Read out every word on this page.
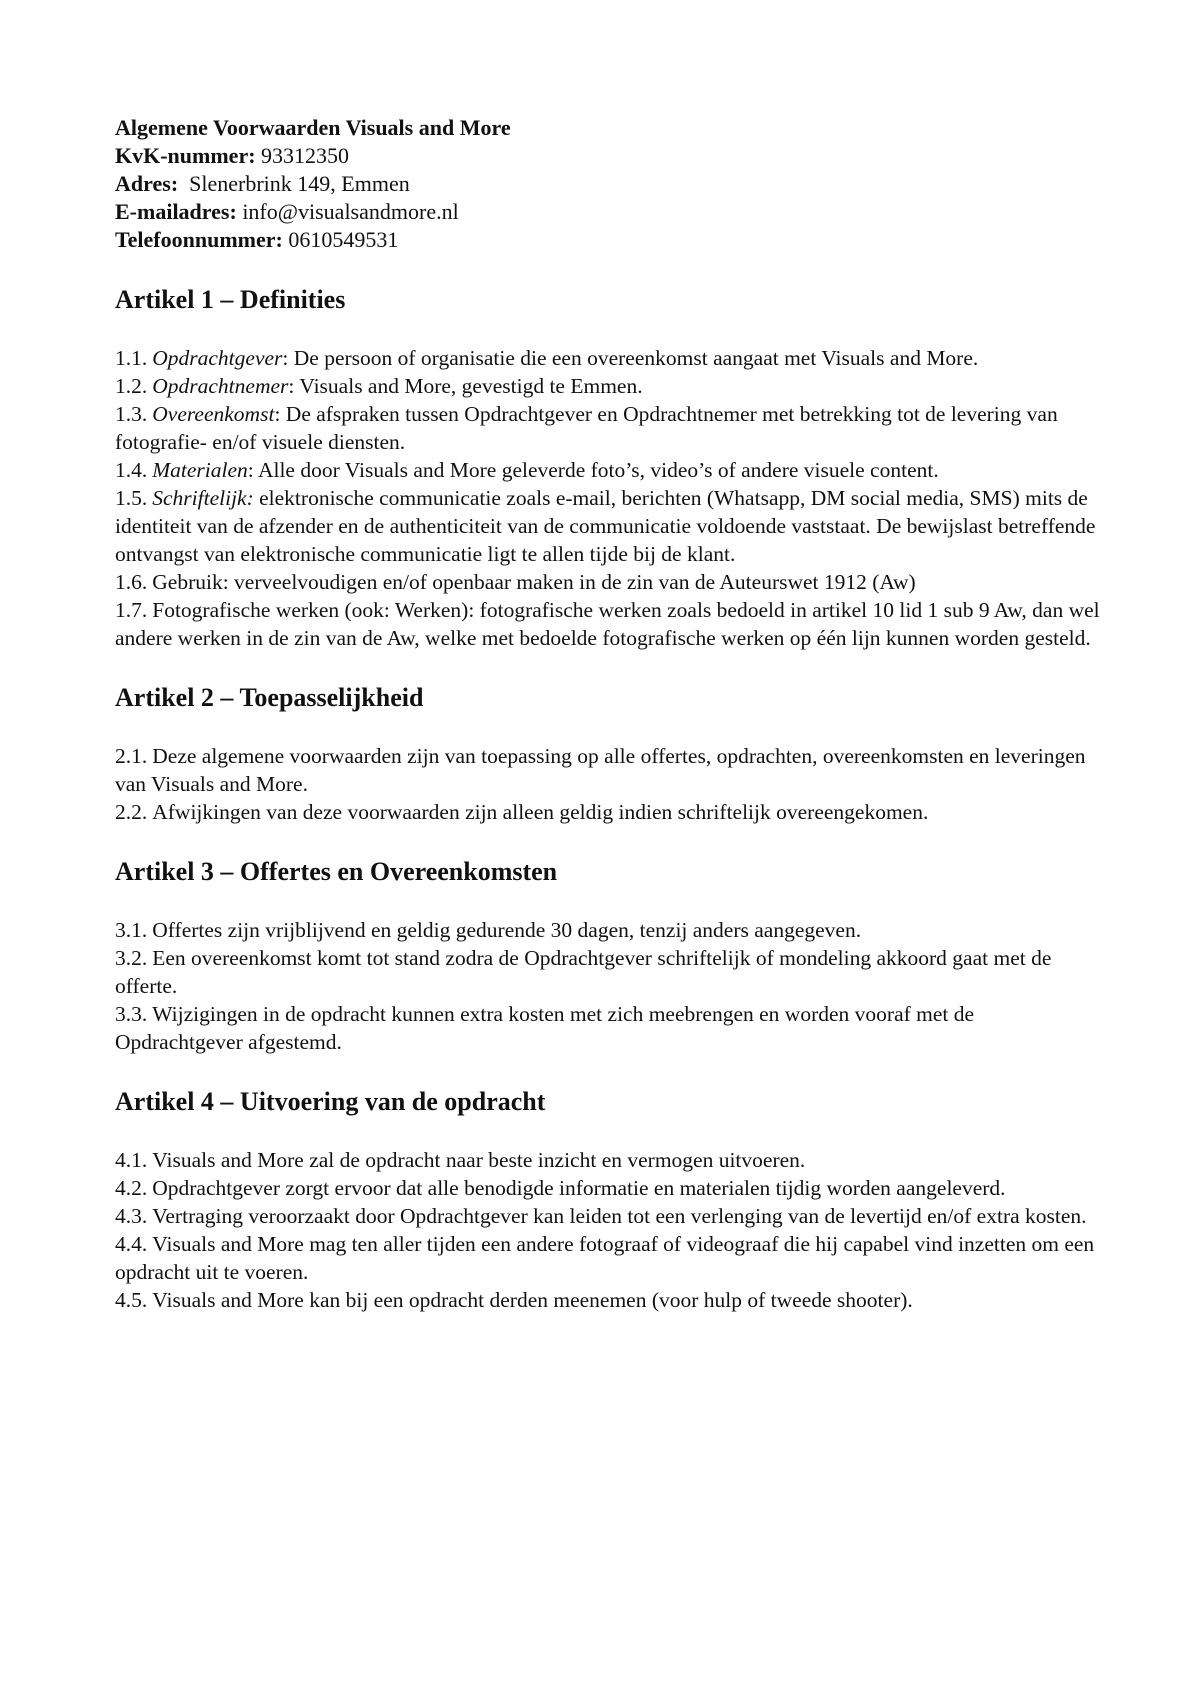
Algemene Voorwaarden Visuals and More
KvK-nummer: 93312350
Adres: Slenerbrink 149, Emmen
E-mailadres: info@visualsandmore.nl
Telefoonnummer: 0610549531
Artikel 1 – Definities

1.1. Opdrachtgever: De persoon of organisatie die een overeenkomst aangaat met Visuals and More.

1.2. Opdrachtnemer: Visuals and More, gevestigd te Emmen.

1.3. Overeenkomst: De afspraken tussen Opdrachtgever en Opdrachtnemer met betrekking tot de levering van fotografie- en/of visuele diensten.

1.4. Materialen: Alle door Visuals and More geleverde foto’s, video’s of andere visuele content.

1.5. Schriftelijk: elektronische communicatie zoals e-mail, berichten (Whatsapp, DM social media, SMS) mits de identiteit van de afzender en de authenticiteit van de communicatie voldoende vaststaat. De bewijslast betreffende ontvangst van elektronische communicatie ligt te allen tijde bij de klant.

1.6. Gebruik: verveelvoudigen en/of openbaar maken in de zin van de Auteurswet 1912 (Aw)

1.7. Fotografische werken (ook: Werken): fotografische werken zoals bedoeld in artikel 10 lid 1 sub 9 Aw, dan wel andere werken in de zin van de Aw, welke met bedoelde fotografische werken op één lijn kunnen worden gesteld.

Artikel 2 – Toepasselijkheid

2.1. Deze algemene voorwaarden zijn van toepassing op alle offertes, opdrachten, overeenkomsten en leveringen van Visuals and More.

2.2. Afwijkingen van deze voorwaarden zijn alleen geldig indien schriftelijk overeengekomen.

Artikel 3 – Offertes en Overeenkomsten

3.1. Offertes zijn vrijblijvend en geldig gedurende 30 dagen, tenzij anders aangegeven.

3.2. Een overeenkomst komt tot stand zodra de Opdrachtgever schriftelijk of mondeling akkoord gaat met de offerte.

3.3. Wijzigingen in de opdracht kunnen extra kosten met zich meebrengen en worden vooraf met de Opdrachtgever afgestemd.

Artikel 4 – Uitvoering van de opdracht

4.1. Visuals and More zal de opdracht naar beste inzicht en vermogen uitvoeren.

4.2. Opdrachtgever zorgt ervoor dat alle benodigde informatie en materialen tijdig worden aangeleverd.

4.3. Vertraging veroorzaakt door Opdrachtgever kan leiden tot een verlenging van de levertijd en/of extra kosten.

4.4. Visuals and More mag ten aller tijden een andere fotograaf of videograaf die hij capabel vind inzetten om een opdracht uit te voeren.

4.5. Visuals and More kan bij een opdracht derden meenemen (voor hulp of tweede shooter).
